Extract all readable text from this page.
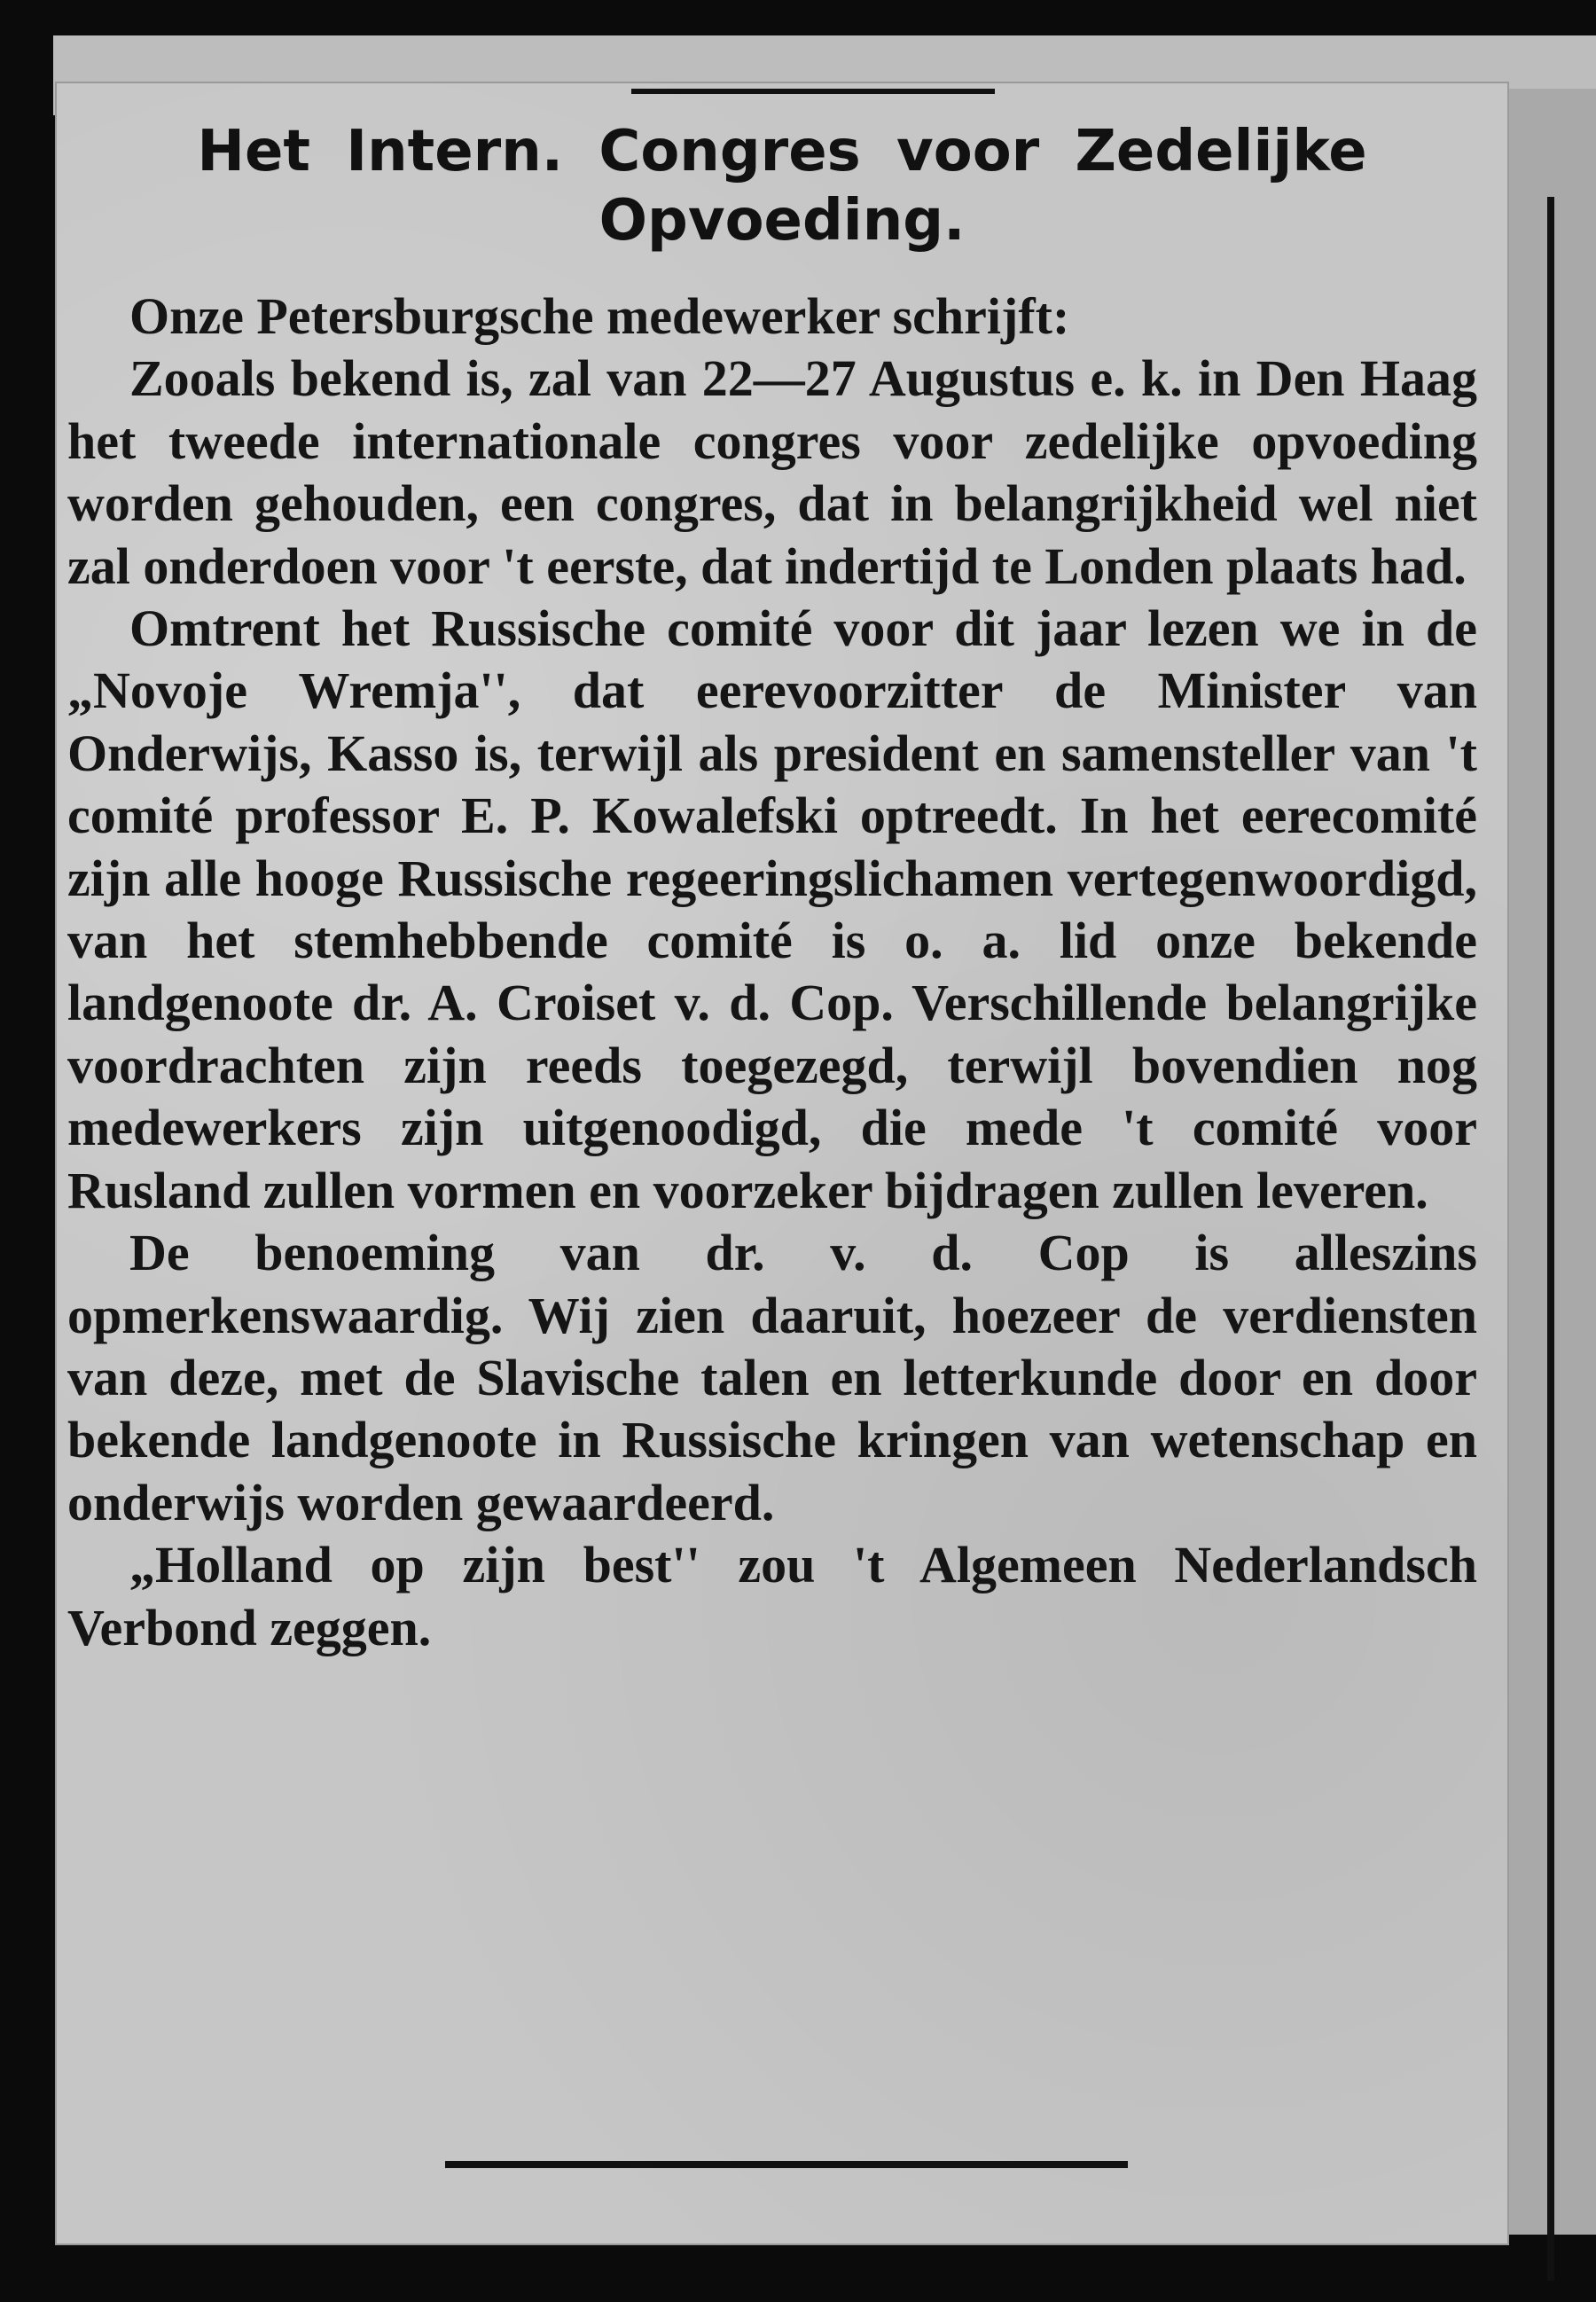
Het Intern. Congres voor Zedelijke Opvoeding.

Onze Petersburgsche medewerker schrijft:

Zooals bekend is, zal van 22—27 Augustus e. k. in Den Haag het tweede internationale congres voor zedelijke opvoeding worden gehouden, een congres, dat in belangrijkheid wel niet zal onderdoen voor 't eerste, dat indertijd te Londen plaats had.

Omtrent het Russische comité voor dit jaar lezen we in de „Novoje Wremja'', dat eerevoorzitter de Minister van Onderwijs, Kasso is, terwijl als president en samensteller van 't comité professor E. P. Kowalefski optreedt. In het eerecomité zijn alle hooge Russische regeeringslichamen vertegenwoordigd, van het stemhebbende comité is o. a. lid onze bekende landgenoote dr. A. Croiset v. d. Cop. Verschillende belangrijke voordrachten zijn reeds toegezegd, terwijl bovendien nog medewerkers zijn uitgenoodigd, die mede 't comité voor Rusland zullen vormen en voorzeker bijdragen zullen leveren.

De benoeming van dr. v. d. Cop is alleszins opmerkenswaardig. Wij zien daaruit, hoezeer de verdiensten van deze, met de Slavische talen en letterkunde door en door bekende landgenoote in Russische kringen van wetenschap en onderwijs worden gewaardeerd.

„Holland op zijn best'' zou 't Algemeen Nederlandsch Verbond zeggen.
